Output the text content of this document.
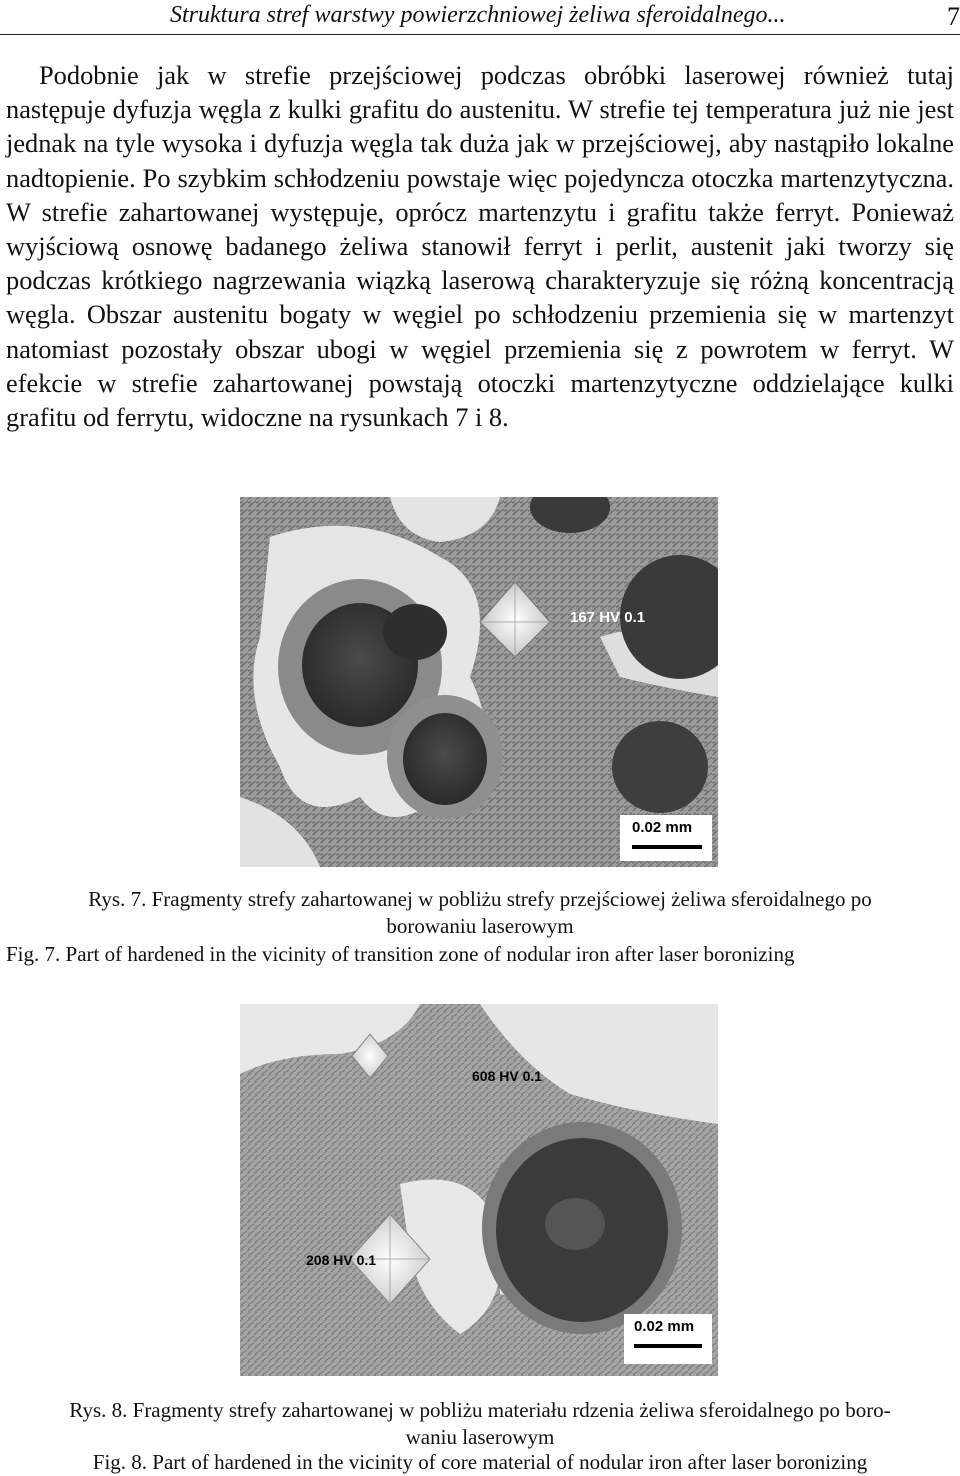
Struktura stref warstwy powierzchniowej żeliwa sferoidalnego...	7

Podobnie jak w strefie przejściowej podczas obróbki laserowej również tutaj następuje dyfuzja węgla z kulki grafitu do austenitu. W strefie tej temperatura już nie jest jednak na tyle wysoka i dyfuzja węgla tak duża jak w przejściowej, aby nastąpiło lokalne nadtopienie. Po szybkim schłodzeniu powstaje więc pojedyncza otoczka martenzytyczna. W strefie zahartowanej występuje, oprócz martenzytu i grafitu także ferryt. Ponieważ wyjściową osnowę badanego żeliwa stanowił ferryt i perlit, austenit jaki tworzy się podczas krótkiego nagrzewania wiązką laserową charakteryzuje się różną koncentracją węgla. Obszar austenitu bogaty w węgiel po schłodzeniu przemienia się w martenzyt natomiast pozostały obszar ubogi w węgiel przemienia się z powrotem w ferryt. W efekcie w strefie zahartowanej powstają otoczki martenzytyczne oddzielające kulki grafitu od ferrytu, widoczne na rysunkach 7 i 8.

167 HV 0.1
0.02 mm

Rys. 7. Fragmenty strefy zahartowanej w pobliżu strefy przejściowej żeliwa sferoidalnego po
borowaniu laserowym

Fig. 7. Part of hardened in the vicinity of transition zone of nodular iron after laser boronizing

608 HV 0.1
208 HV 0.1
0.02 mm

Rys. 8. Fragmenty strefy zahartowanej w pobliżu materiału rdzenia żeliwa sferoidalnego po boro-
waniu laserowym

Fig. 8. Part of hardened in the vicinity of core material of nodular iron after laser boronizing
